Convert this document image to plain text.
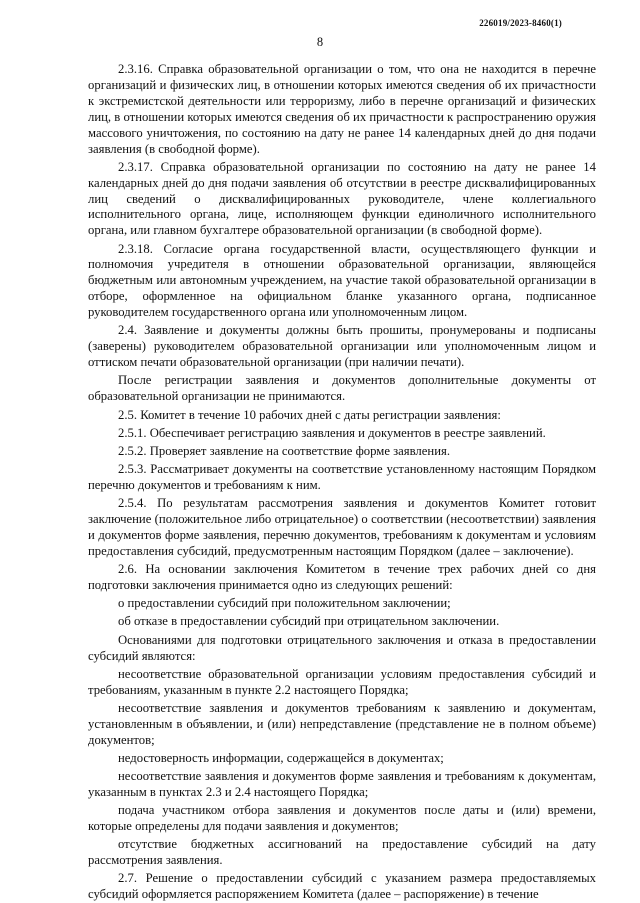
226019/2023-8460(1)
8

2.3.16. Справка образовательной организации о том, что она не находится в перечне организаций и физических лиц, в отношении которых имеются сведения об их причастности к экстремистской деятельности или терроризму, либо в перечне организаций и физических лиц, в отношении которых имеются сведения об их причастности к распространению оружия массового уничтожения, по состоянию на дату не ранее 14 календарных дней до дня подачи заявления (в свободной форме).

2.3.17. Справка образовательной организации по состоянию на дату не ранее 14 календарных дней до дня подачи заявления об отсутствии в реестре дисквалифицированных лиц сведений о дисквалифицированных руководителе, члене коллегиального исполнительного органа, лице, исполняющем функции единоличного исполнительного органа, или главном бухгалтере образовательной организации (в свободной форме).

2.3.18. Согласие органа государственной власти, осуществляющего функции и полномочия учредителя в отношении образовательной организации, являющейся бюджетным или автономным учреждением, на участие такой образовательной организации в отборе, оформленное на официальном бланке указанного органа, подписанное руководителем государственного органа или уполномоченным лицом.

2.4. Заявление и документы должны быть прошиты, пронумерованы и подписаны (заверены) руководителем образовательной организации или уполномоченным лицом и оттиском печати образовательной организации (при наличии печати).

После регистрации заявления и документов дополнительные документы от образовательной организации не принимаются.

2.5. Комитет в течение 10 рабочих дней с даты регистрации заявления:

2.5.1. Обеспечивает регистрацию заявления и документов в реестре заявлений.

2.5.2. Проверяет заявление на соответствие форме заявления.

2.5.3. Рассматривает документы на соответствие установленному настоящим Порядком перечню документов и требованиям к ним.

2.5.4. По результатам рассмотрения заявления и документов Комитет готовит заключение (положительное либо отрицательное) о соответствии (несоответствии) заявления и документов форме заявления, перечню документов, требованиям к документам и условиям предоставления субсидий, предусмотренным настоящим Порядком (далее – заключение).

2.6. На основании заключения Комитетом в течение трех рабочих дней со дня подготовки заключения принимается одно из следующих решений:

о предоставлении субсидий при положительном заключении;

об отказе в предоставлении субсидий при отрицательном заключении.

Основаниями для подготовки отрицательного заключения и отказа в предоставлении субсидий являются:

несоответствие образовательной организации условиям предоставления субсидий и требованиям, указанным в пункте 2.2 настоящего Порядка;

несоответствие заявления и документов требованиям к заявлению и документам, установленным в объявлении, и (или) непредставление (представление не в полном объеме) документов;

недостоверность информации, содержащейся в документах;

несоответствие заявления и документов форме заявления и требованиям к документам, указанным в пунктах 2.3 и 2.4 настоящего Порядка;

подача участником отбора заявления и документов после даты и (или) времени, которые определены для подачи заявления и документов;

отсутствие бюджетных ассигнований на предоставление субсидий на дату рассмотрения заявления.

2.7. Решение о предоставлении субсидий с указанием размера предоставляемых субсидий оформляется распоряжением Комитета (далее – распоряжение) в течение
